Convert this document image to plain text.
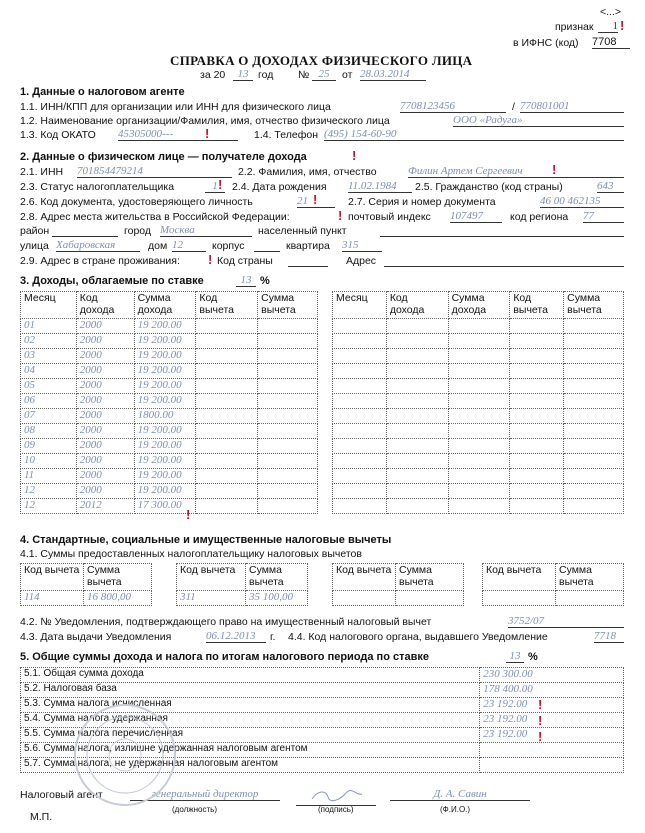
<...>
признак	1 !
в ИФНС (код) 7708
СПРАВКА О ДОХОДАХ ФИЗИЧЕСКОГО ЛИЦА
за 20	13 год № 25	от 28.03.2014
1. Данные о налоговом агенте
1.1. ИНН/КПП для организации или ИНН для физического лица	7708123456	/ 770801001
1.2. Наименование организации/Фамилия, имя, отчество физического лица	ООО «Радуга»
1.3. Код ОКАТО 45305000---	!	1.4. Телефон (495) 154-60-90
2. Данные о физическом лице — получателе дохода	!
2.1. ИНН 701854479214	2.2. Фамилия, имя, отчество	Филин Артем Сергеевич	!
2.3. Статус налогоплательщика	1 ! 2.4. Дата рождения 11.02.1984	2.5. Гражданство (код страны)	643
2.6. Код документа, удостоверяющего личность	21 !	2.7. Серия и номер документа	46 00 462135
2.8. Адрес места жительства в Российской Федерации:	! почтовый индекс 107497	код региона 77
район	город Москва	населенный пункт
улица Хабаровская	дом 12	корпус	квартира 315
2.9. Адрес в стране проживания: ! Код страны	Адрес
3. Доходы, облагаемые по ставке	13 %
Месяц	Код дохода	Сумма дохода	Код вычета	Сумма вычета
01	2000	19 200.00		
02	2000	19 200.00		
03	2000	19 200.00		
04	2000	19 200.00		
05	2000	19 200.00		
06	2000	19 200.00		
07	2000	1800.00		
08	2000	19 200.00		
09	2000	19 200.00		
10	2000	19 200.00		
11	2000	19 200.00		
12	2000	19 200.00		
12	2012	17 300.00		
Месяц	Код дохода	Сумма дохода	Код вычета	Сумма вычета

!
4. Стандартные, социальные и имущественные налоговые вычеты
4.1. Суммы предоставленных налогоплательщику налоговых вычетов
Код вычета	Сумма вычета
114	16 800,00
Код вычета	Сумма вычета
311	35 100,00
Код вычета	Сумма вычета

Код вычета	Сумма вычета

4.2. № Уведомления, подтверждающего право на имущественный налоговый вычет	3752/07
4.3. Дата выдачи Уведомления	06.12.2013	г. 4.4. Код налогового органа, выдавшего Уведомление	7718
5. Общие суммы дохода и налога по итогам налогового периода по ставке	13 %
5.1. Общая сумма дохода	230 300.00
5.2. Налоговая база	178 400.00
5.3. Сумма налога исчисленная	23 192.00
5.4. Сумма налога удержанная	23 192.00
5.5. Сумма налога перечисленная	23 192.00
5.6. Сумма налога, излишне удержанная налоговым агентом	
5.7. Сумма налога, не удержанная налоговым агентом	
!
!
!
Налоговый агент	генеральный директор
(должность)	(подпись)
Д. А. Савин
(Ф.И.О.)
М.П.
